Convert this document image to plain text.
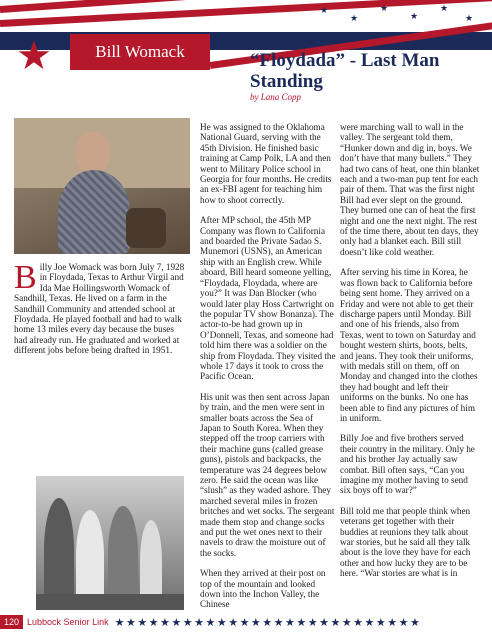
★
★
★
★
★
★
★	Bill Womack	“Floydada” - Last Man Standing
by Lana Copp

Billy Joe Womack was born July 7, 1928 in Floydada, Texas to Arthur Virgil and Ida Mae Hollingsworth Womack of Sandhill, Texas. He lived on a farm in the Sandhill Community and attended school at Floydada. He played football and had to walk home 13 miles every day because the buses had already run. He graduated and worked at different jobs before being drafted in 1951.

He was assigned to the Oklahoma National Guard, serving with the 45th Division. He finished basic training at Camp Polk, LA and then went to Military Police school in Georgia for four months. He credits an ex-FBI agent for teaching him how to shoot correctly.

After MP school, the 45th MP Company was flown to California and boarded the Private Sadao S. Munemori (USNS), an American ship with an English crew. While aboard, Bill heard someone yelling, “Floydada, Floydada, where are you?” It was Dan Blocker (who would later play Hoss Cartwright on the popular TV show Bonanza). The actor-to-be had grown up in O’Donnell, Texas, and someone had told him there was a soldier on the ship from Floydada. They visited the whole 17 days it took to cross the Pacific Ocean.

His unit was then sent across Japan by train, and the men were sent in smaller boats across the Sea of Japan to South Korea. When they stepped off the troop carriers with their machine guns (called grease guns), pistols and backpacks, the temperature was 24 degrees below zero. He said the ocean was like “slush” as they waded ashore. They marched several miles in frozen britches and wet socks. The sergeant made them stop and change socks and put the wet ones next to their navels to draw the moisture out of the socks.

When they arrived at their post on top of the mountain and looked down into the Inchon Valley, the Chinese

were marching wall to wall in the valley. The sergeant told them, “Hunker down and dig in, boys. We don’t have that many bullets.” They had two cans of heat, one thin blanket each and a two-man pup tent for each pair of them. That was the first night Bill had ever slept on the ground. They burned one can of heat the first night and one the next night. The rest of the time there, about ten days, they only had a blanket each. Bill still doesn’t like cold weather.

After serving his time in Korea, he was flown back to California before being sent home. They arrived on a Friday and were not able to get their discharge papers until Monday. Bill and one of his friends, also from Texas, went to town on Saturday and bought western shirts, boots, belts, and jeans. They took their uniforms, with medals still on them, off on Monday and changed into the clothes they had bought and left their uniforms on the bunks. No one has been able to find any pictures of him in uniform.

Billy Joe and five brothers served their country in the military. Only he and his brother Jay actually saw combat. Bill often says, “Can you imagine my mother having to send six boys off to war?”

Bill told me that people think when veterans get together with their buddies at reunions they talk about war stories, but he said all they talk about is the love they have for each other and how lucky they are to be here. “War stories are what is in

120 Lubbock Senior Link ★★★★★★★★★★★★★★★★★★★★★★★★★★★
